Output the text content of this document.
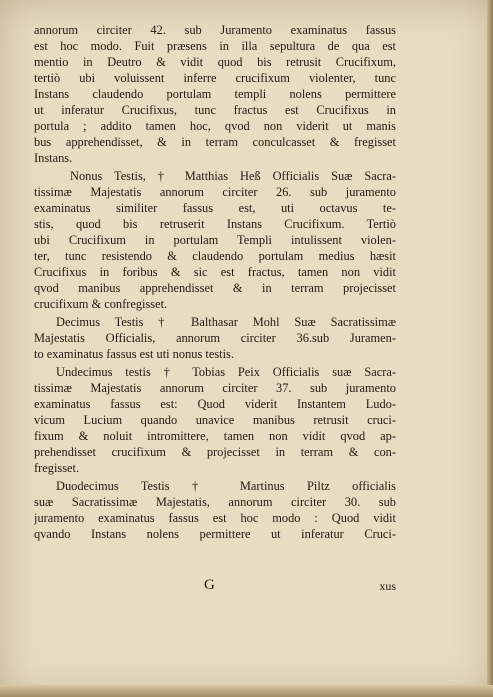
annorum circiter 42. sub Juramento examinatus fassus
est hoc modo. Fuit præsens in illa sepultura de qua est
mentio in Deutro & vidit quod bis retrusit Crucifixum,
tertiò ubi voluissent inferre crucifixum violenter, tunc
Instans claudendo portulam templi nolens permittere
ut inferatur Crucifixus, tunc fractus est Crucifixus in
portula ; addito tamen hoc, qvod non viderit ut manis
bus apprehendisset, & in terram conculcasset & fregisset
Instans.
Nonus Testis, † Matthias Heß Officialis Suæ Sacra-
tissimæ Majestatis annorum circiter 26. sub juramento
examinatus similiter fassus est, uti octavus te-
stis, quod bis retruserit Instans Crucifixum. Tertiò
ubi Crucifixum in portulam Templi intulissent violen-
ter, tunc resistendo & claudendo portulam medius hæsit
Crucifixus in foribus & sic est fractus, tamen non vidit
qvod manibus apprehendisset & in terram projecisset
crucifixum & confregisset.
Decimus Testis † Balthasar Mohl Suæ Sacratissimæ
Majestatis Officialis, annorum circiter 36.sub Juramen-
to examinatus fassus est uti nonus testis.
Undecimus testis † Tobias Peix Officialis suæ Sacra-
tissimæ Majestatis annorum circiter 37. sub juramento
examinatus fassus est: Quod viderit Instantem Ludo-
vicum Lucium quando unavice manibus retrusit cruci-
fixum & noluit intromittere, tamen non vidit qvod ap-
prehendisset crucifixum & projecisset in terram & con-
fregisset.
Duodecimus Testis † Martinus Piltz officialis
suæ Sacratissimæ Majestatis, annorum circiter 30. sub
juramento examinatus fassus est hoc modo : Quod vidit
qvando Instans nolens permittere ut inferatur Cruci-
G	xus
